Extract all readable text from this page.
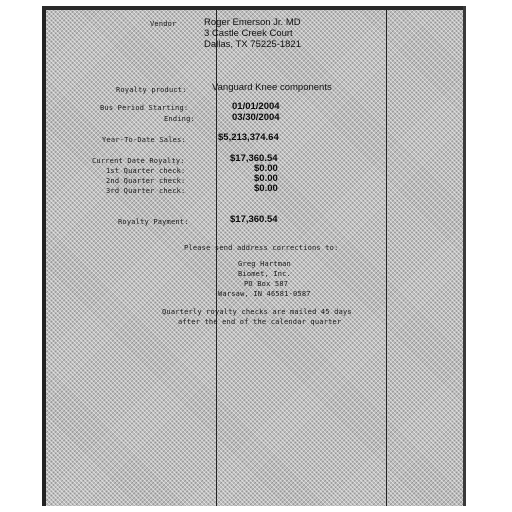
Vendor	Roger Emerson Jr. MD
3 Castle Creek Court
Dallas, TX 75225-1821
Royalty product:	Vanguard Knee components
Bus Period Starting:	01/01/2004
Ending:	03/30/2004
Year-To-Date Sales:	$5,213,374.64
Current Date Royalty:	$17,360.54
1st Quarter check:	$0.00
2nd Quarter check:	$0.00
3rd Quarter check:	$0.00
Royalty Payment:	$17,360.54
Please send address corrections to:
Greg Hartman
Biomet, Inc.
PO Box 587
Warsaw, IN 46581-0587
Quarterly royalty checks are mailed 45 days
after the end of the calendar quarter
